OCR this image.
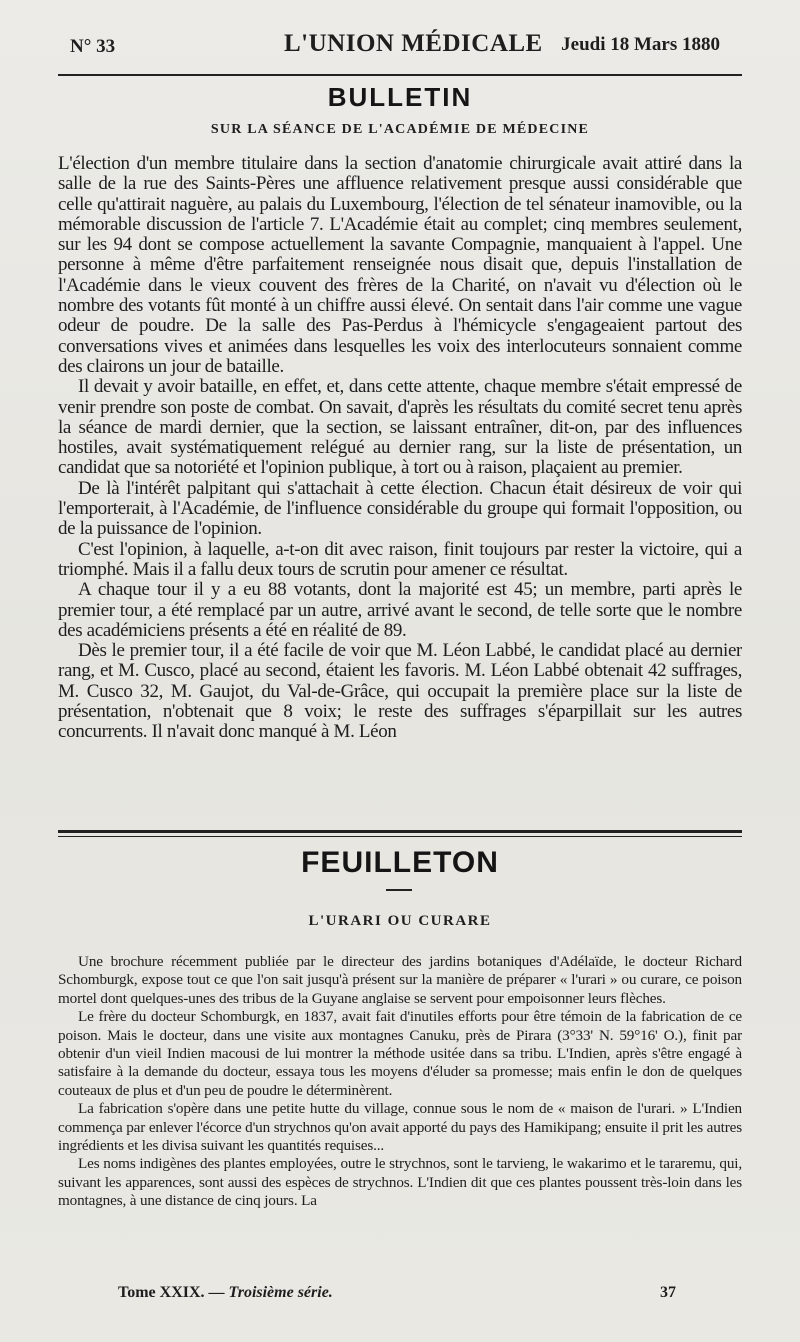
N° 33	L'UNION MÉDICALE Jeudi 18 Mars 1880
BULLETIN
SUR LA SÉANCE DE L'ACADÉMIE DE MÉDECINE

L'élection d'un membre titulaire dans la section d'anatomie chirurgicale avait attiré dans la salle de la rue des Saints-Pères une affluence relativement presque aussi considérable que celle qu'attirait naguère, au palais du Luxembourg, l'élection de tel sénateur inamovible, ou la mémorable discussion de l'article 7. L'Académie était au complet; cinq membres seulement, sur les 94 dont se compose actuellement la savante Compagnie, manquaient à l'appel. Une personne à même d'être parfaitement renseignée nous disait que, depuis l'installation de l'Académie dans le vieux couvent des frères de la Charité, on n'avait vu d'élection où le nombre des votants fût monté à un chiffre aussi élevé. On sentait dans l'air comme une vague odeur de poudre. De la salle des Pas-Perdus à l'hémicycle s'engageaient partout des conversations vives et animées dans lesquelles les voix des interlocuteurs sonnaient comme des clairons un jour de bataille.

Il devait y avoir bataille, en effet, et, dans cette attente, chaque membre s'était empressé de venir prendre son poste de combat. On savait, d'après les résultats du comité secret tenu après la séance de mardi dernier, que la section, se laissant entraîner, dit-on, par des influences hostiles, avait systématiquement relégué au dernier rang, sur la liste de présentation, un candidat que sa notoriété et l'opinion publique, à tort ou à raison, plaçaient au premier.

De là l'intérêt palpitant qui s'attachait à cette élection. Chacun était désireux de voir qui l'emporterait, à l'Académie, de l'influence considérable du groupe qui formait l'opposition, ou de la puissance de l'opinion.

C'est l'opinion, à laquelle, a-t-on dit avec raison, finit toujours par rester la victoire, qui a triomphé. Mais il a fallu deux tours de scrutin pour amener ce résultat.

A chaque tour il y a eu 88 votants, dont la majorité est 45; un membre, parti après le premier tour, a été remplacé par un autre, arrivé avant le second, de telle sorte que le nombre des académiciens présents a été en réalité de 89.

Dès le premier tour, il a été facile de voir que M. Léon Labbé, le candidat placé au dernier rang, et M. Cusco, placé au second, étaient les favoris. M. Léon Labbé obtenait 42 suffrages, M. Cusco 32, M. Gaujot, du Val-de-Grâce, qui occupait la première place sur la liste de présentation, n'obtenait que 8 voix; le reste des suffrages s'éparpillait sur les autres concurrents. Il n'avait donc manqué à M. Léon

FEUILLETON
L'URARI OU CURARE

Une brochure récemment publiée par le directeur des jardins botaniques d'Adélaïde, le docteur Richard Schomburgk, expose tout ce que l'on sait jusqu'à présent sur la manière de préparer « l'urari » ou curare, ce poison mortel dont quelques-unes des tribus de la Guyane anglaise se servent pour empoisonner leurs flèches.

Le frère du docteur Schomburgk, en 1837, avait fait d'inutiles efforts pour être témoin de la fabrication de ce poison. Mais le docteur, dans une visite aux montagnes Canuku, près de Pirara (3°33' N. 59°16' O.), finit par obtenir d'un vieil Indien macousi de lui montrer la méthode usitée dans sa tribu. L'Indien, après s'être engagé à satisfaire à la demande du docteur, essaya tous les moyens d'éluder sa promesse; mais enfin le don de quelques couteaux de plus et d'un peu de poudre le déterminèrent.

La fabrication s'opère dans une petite hutte du village, connue sous le nom de « maison de l'urari. » L'Indien commença par enlever l'écorce d'un strychnos qu'on avait apporté du pays des Hamikipang; ensuite il prit les autres ingrédients et les divisa suivant les quantités requises...

Les noms indigènes des plantes employées, outre le strychnos, sont le tarvieng, le wakarimo et le tararemu, qui, suivant les apparences, sont aussi des espèces de strychnos. L'Indien dit que ces plantes poussent très-loin dans les montagnes, à une distance de cinq jours. La

Tome XXIX. — Troisième série.	37
